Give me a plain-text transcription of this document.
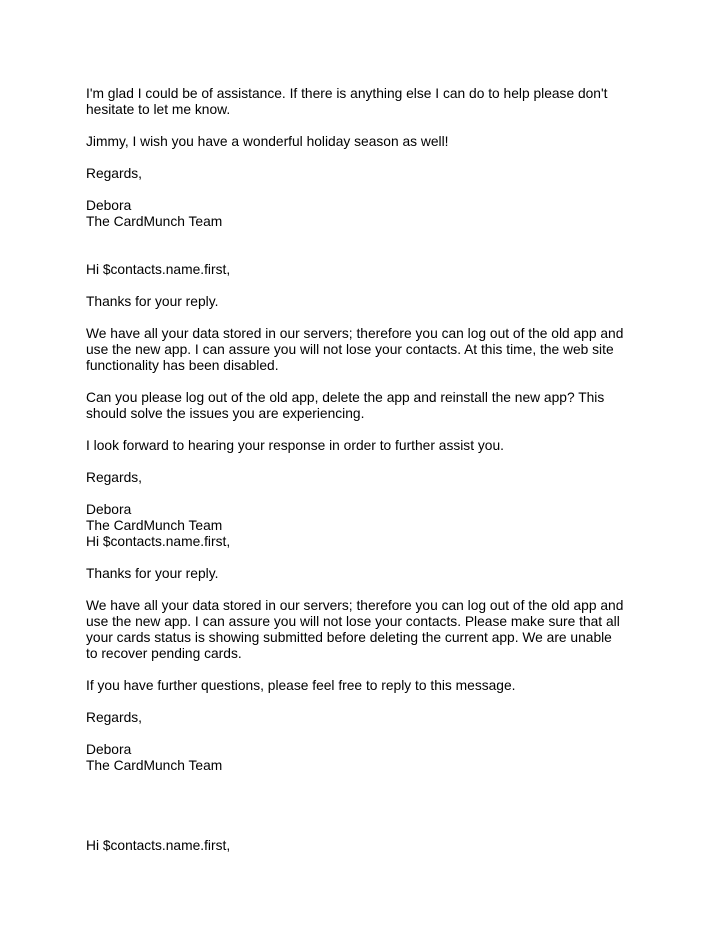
I'm glad I could be of assistance. If there is anything else I can do to help please don't
hesitate to let me know.
Jimmy, I wish you have a wonderful holiday season as well!
Regards,
Debora
The CardMunch Team
Hi $contacts.name.first,
Thanks for your reply.
We have all your data stored in our servers; therefore you can log out of the old app and
use the new app. I can assure you will not lose your contacts. At this time, the web site
functionality has been disabled.
Can you please log out of the old app, delete the app and reinstall the new app? This
should solve the issues you are experiencing.
I look forward to hearing your response in order to further assist you.
Regards,
Debora
The CardMunch Team
Hi $contacts.name.first,
Thanks for your reply.
We have all your data stored in our servers; therefore you can log out of the old app and
use the new app. I can assure you will not lose your contacts. Please make sure that all
your cards status is showing submitted before deleting the current app. We are unable
to recover pending cards.
If you have further questions, please feel free to reply to this message.
Regards,
Debora
The CardMunch Team
Hi $contacts.name.first,
